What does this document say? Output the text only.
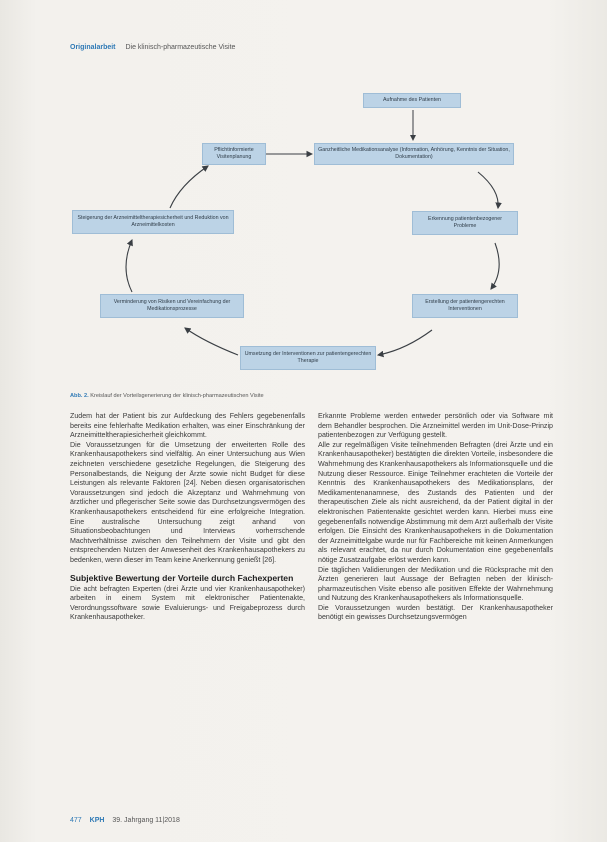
Originalarbeit Die klinisch-pharmazeutische Visite
Aufnahme des Patienten
Pflichtinformierte Visitenplanung
Ganzheitliche Medikationsanalyse (Information, Anhörung, Kenntnis der Situation, Dokumentation)
Steigerung der Arzneimitteltherapiesicherheit und Reduktion von Arzneimittelkosten
Erkennung patientenbezogener Probleme
Verminderung von Risiken und Vereinfachung der Medikationsprozesse
Erstellung der patientengerechten Interventionen
Umsetzung der Interventionen zur patientengerechten Therapie
Abb. 2. Kreislauf der Vorteilsgenerierung der klinisch-pharmazeutischen Visite

Zudem hat der Patient bis zur Aufdeckung des Fehlers gegebenenfalls bereits eine fehlerhafte Medikation erhalten, was einer Einschränkung der Arzneimitteltherapiesicherheit gleichkommt.

Die Voraussetzungen für die Umsetzung der erweiterten Rolle des Krankenhausapothekers sind vielfältig. An einer Untersuchung aus Wien zeichneten verschiedene gesetzliche Regelungen, die Steigerung des Personalbestands, die Neigung der Ärzte sowie nicht Budget für diese Leistungen als relevante Faktoren [24]. Neben diesen organisatorischen Voraussetzungen sind jedoch die Akzeptanz und Wahrnehmung von ärztlicher und pflegerischer Seite sowie das Durchsetzungsvermögen des Krankenhausapothekers entscheidend für eine erfolgreiche Integration. Eine australische Untersuchung zeigt anhand von Situationsbeobachtungen und Interviews vorherrschende Machtverhältnisse zwischen den Teilnehmern der Visite und gibt den entsprechenden Nutzen der Anwesenheit des Krankenhausapothekers zu bedenken, wenn dieser im Team keine Anerkennung genießt [26].

Subjektive Bewertung der Vorteile durch Fachexperten

Die acht befragten Experten (drei Ärzte und vier Krankenhausapotheker) arbeiten in einem System mit elektronischer Patientenakte, Verordnungssoftware sowie Evaluierungs- und Freigabeprozess durch Krankenhausapotheker.

Erkannte Probleme werden entweder persönlich oder via Software mit dem Behandler besprochen. Die Arzneimittel werden im Unit-Dose-Prinzip patientenbezogen zur Verfügung gestellt.

Alle zur regelmäßigen Visite teilnehmenden Befragten (drei Ärzte und ein Krankenhausapotheker) bestätigten die direkten Vorteile, insbesondere die Wahrnehmung des Krankenhausapothekers als Informationsquelle und die Nutzung dieser Ressource. Einige Teilnehmer erachteten die Vorteile der Kenntnis des Krankenhausapothekers des Medikationsplans, der Medikamentenanamnese, des Zustands des Patienten und der therapeutischen Ziele als nicht ausreichend, da der Patient digital in der elektronischen Patientenakte gesichtet werden kann. Hierbei muss eine gegebenenfalls notwendige Abstimmung mit dem Arzt außerhalb der Visite erfolgen. Die Einsicht des Krankenhausapothekers in die Dokumentation der Arzneimittelgabe wurde nur für Fachbereiche mit keinen Anmerkungen als relevant erachtet, da nur durch Dokumentation eine gegebenenfalls nötige Zusatzaufgabe erlöst werden kann.

Die täglichen Validierungen der Medikation und die Rücksprache mit den Ärzten generieren laut Aussage der Befragten neben der klinisch-pharmazeutischen Visite ebenso alle positiven Effekte der Wahrnehmung und Nutzung des Krankenhausapothekers als Informationsquelle.

Die Voraussetzungen wurden bestätigt. Der Krankenhausapotheker benötigt ein gewisses Durchsetzungsvermögen

477 KPH 39. Jahrgang 11|2018
